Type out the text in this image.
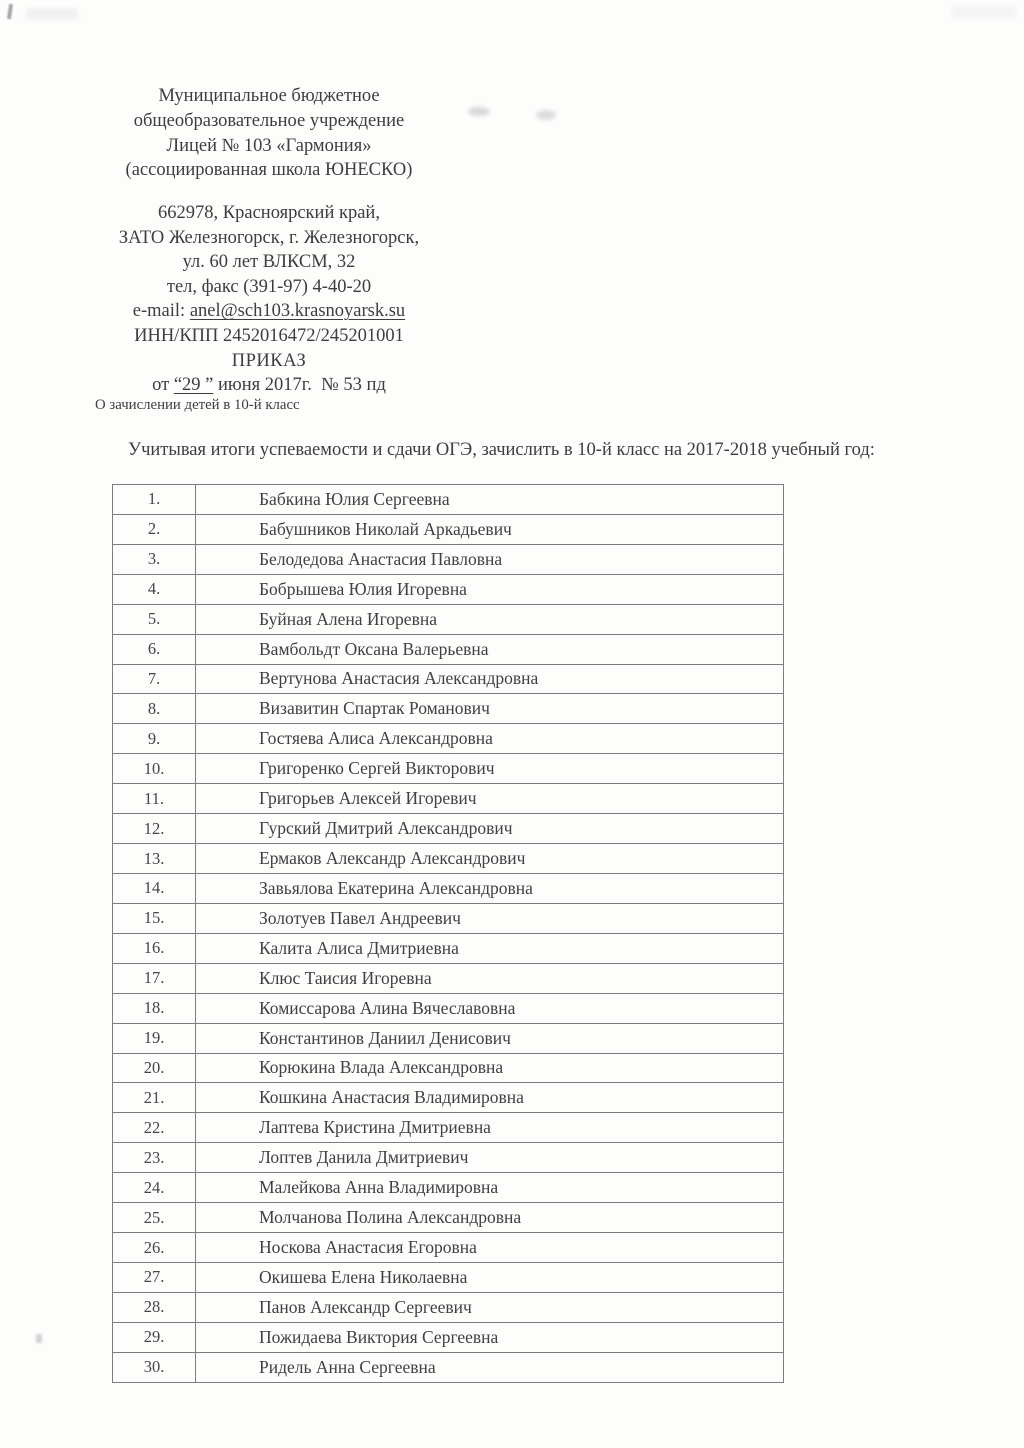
Муниципальное бюджетное
общеобразовательное учреждение
Лицей № 103 «Гармония»
(ассоциированная школа ЮНЕСКО)
662978, Красноярский край,
ЗАТО Железногорск, г. Железногорск,
ул. 60 лет ВЛКСМ, 32
тел, факс (391-97) 4-40-20
e-mail: anel@sch103.krasnoyarsk.su
ИНН/КПП 2452016472/245201001
ПРИКАЗ
от “29 ” июня 2017г.  № 53 пд
О зачислении детей в 10-й класс
Учитывая итоги успеваемости и сдачи ОГЭ, зачислить в 10-й класс на 2017-2018 учебный год:
1.	Бабкина Юлия Сергеевна
2.	Бабушников Николай Аркадьевич
3.	Белодедова Анастасия Павловна
4.	Бобрышева Юлия Игоревна
5.	Буйная Алена Игоревна
6.	Вамбольдт Оксана Валерьевна
7.	Вертунова Анастасия Александровна
8.	Визавитин Спартак Романович
9.	Гостяева Алиса Александровна
10.	Григоренко Сергей Викторович
11.	Григорьев Алексей Игоревич
12.	Гурский Дмитрий Александрович
13.	Ермаков Александр Александрович
14.	Завьялова Екатерина Александровна
15.	Золотуев Павел Андреевич
16.	Калита Алиса Дмитриевна
17.	Клюс Таисия Игоревна
18.	Комиссарова Алина Вячеславовна
19.	Константинов Даниил Денисович
20.	Корюкина Влада Александровна
21.	Кошкина Анастасия Владимировна
22.	Лаптева Кристина Дмитриевна
23.	Лоптев Данила Дмитриевич
24.	Малейкова Анна Владимировна
25.	Молчанова Полина Александровна
26.	Носкова Анастасия Егоровна
27.	Окишева Елена Николаевна
28.	Панов Александр Сергеевич
29.	Пожидаева Виктория Сергеевна
30.	Ридель Анна Сергеевна
